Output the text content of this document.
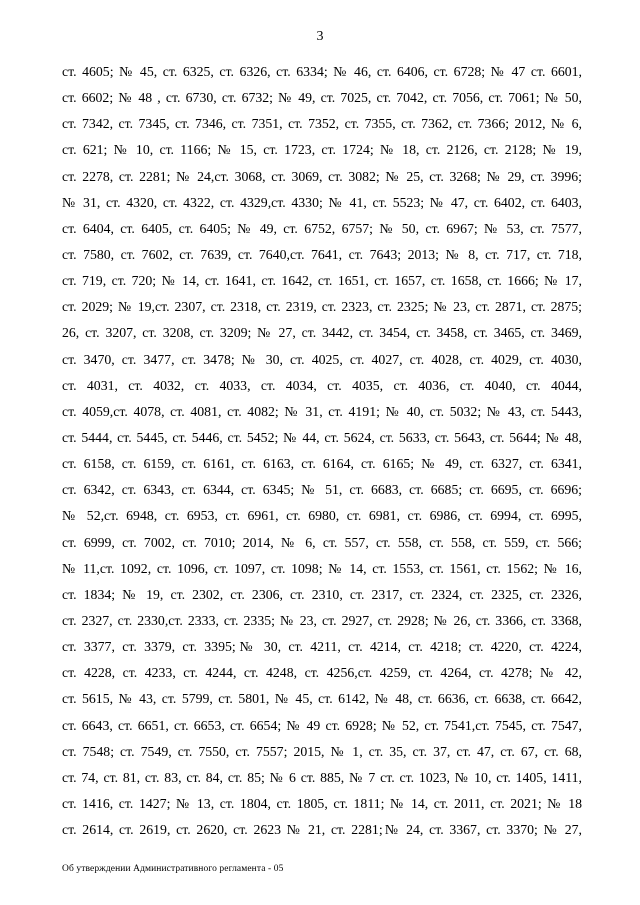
3
ст. 4605; № 45, ст. 6325, ст. 6326, ст. 6334; № 46, ст. 6406, ст. 6728; № 47 ст. 6601,
ст. 6602; № 48 , ст. 6730, ст. 6732; № 49, ст. 7025, ст. 7042, ст. 7056, ст. 7061; № 50,
ст. 7342, ст. 7345, ст. 7346, ст. 7351, ст. 7352, ст. 7355, ст. 7362, ст. 7366; 2012, № 6,
ст. 621; № 10, ст. 1166; № 15, ст. 1723, ст. 1724; № 18, ст. 2126, ст. 2128; № 19,
ст. 2278, ст. 2281; № 24,ст. 3068, ст. 3069, ст. 3082; № 25, ст. 3268; № 29, ст. 3996;
№ 31, ст. 4320, ст. 4322, ст. 4329,ст. 4330; № 41, ст. 5523; № 47, ст. 6402, ст. 6403,
ст. 6404, ст. 6405, ст. 6405; № 49, ст. 6752, 6757; № 50, ст. 6967; № 53, ст. 7577,
ст. 7580, ст. 7602, ст. 7639, ст. 7640,ст. 7641, ст. 7643; 2013; № 8, ст. 717, ст. 718,
ст. 719, ст. 720; № 14, ст. 1641, ст. 1642, ст. 1651, ст. 1657, ст. 1658, ст. 1666; № 17,
ст. 2029; № 19,ст. 2307, ст. 2318, ст. 2319, ст. 2323, ст. 2325; № 23, ст. 2871, ст. 2875;
26, ст. 3207, ст. 3208, ст. 3209; № 27, ст. 3442, ст. 3454, ст. 3458, ст. 3465, ст. 3469,
ст. 3470, ст. 3477, ст. 3478; № 30, ст. 4025, ст. 4027, ст. 4028, ст. 4029, ст. 4030,
ст. 4031, ст. 4032, ст. 4033, ст. 4034, ст. 4035, ст. 4036, ст. 4040, ст. 4044,
ст. 4059,ст. 4078, ст. 4081, ст. 4082; № 31, ст. 4191; № 40, ст. 5032; № 43, ст. 5443,
ст. 5444, ст. 5445, ст. 5446, ст. 5452; № 44, ст. 5624, ст. 5633, ст. 5643, ст. 5644; № 48,
ст. 6158, ст. 6159, ст. 6161, ст. 6163, ст. 6164, ст. 6165; № 49, ст. 6327, ст. 6341,
ст. 6342, ст. 6343, ст. 6344, ст. 6345; № 51, ст. 6683, ст. 6685; ст. 6695, ст. 6696;
№ 52,ст. 6948, ст. 6953, ст. 6961, ст. 6980, ст. 6981, ст. 6986, ст. 6994, ст. 6995,
ст. 6999, ст. 7002, ст. 7010; 2014, № 6, ст. 557, ст. 558, ст. 558, ст. 559, ст. 566;
№ 11,ст. 1092, ст. 1096, ст. 1097, ст. 1098; № 14, ст. 1553, ст. 1561, ст. 1562; № 16,
ст. 1834; № 19, ст. 2302, ст. 2306, ст. 2310, ст. 2317, ст. 2324, ст. 2325, ст. 2326,
ст. 2327, ст. 2330,ст. 2333, ст. 2335; № 23, ст. 2927, ст. 2928; № 26, ст. 3366, ст. 3368,
ст. 3377, ст. 3379, ст. 3395;№ 30, ст. 4211, ст. 4214, ст. 4218; ст. 4220, ст. 4224,
ст. 4228, ст. 4233, ст. 4244, ст. 4248, ст. 4256,ст. 4259, ст. 4264, ст. 4278; № 42,
ст. 5615, № 43, ст. 5799, ст. 5801, № 45, ст. 6142, № 48, ст. 6636, ст. 6638, ст. 6642,
ст. 6643, ст. 6651, ст. 6653, ст. 6654; № 49 ст. 6928; № 52, ст. 7541,ст. 7545, ст. 7547,
ст. 7548; ст. 7549, ст. 7550, ст. 7557; 2015, № 1, ст. 35, ст. 37, ст. 47, ст. 67, ст. 68,
ст. 74, ст. 81, ст. 83, ст. 84, ст. 85; № 6 ст. 885, № 7 ст. ст. 1023, № 10, ст. 1405, 1411,
ст. 1416, ст. 1427; № 13, ст. 1804, ст. 1805, ст. 1811; № 14, ст. 2011, ст. 2021; № 18
ст. 2614, ст. 2619, ст. 2620, ст. 2623 № 21, ст. 2281;№ 24, ст. 3367, ст. 3370; № 27,
Об утверждении Административного регламента - 05
